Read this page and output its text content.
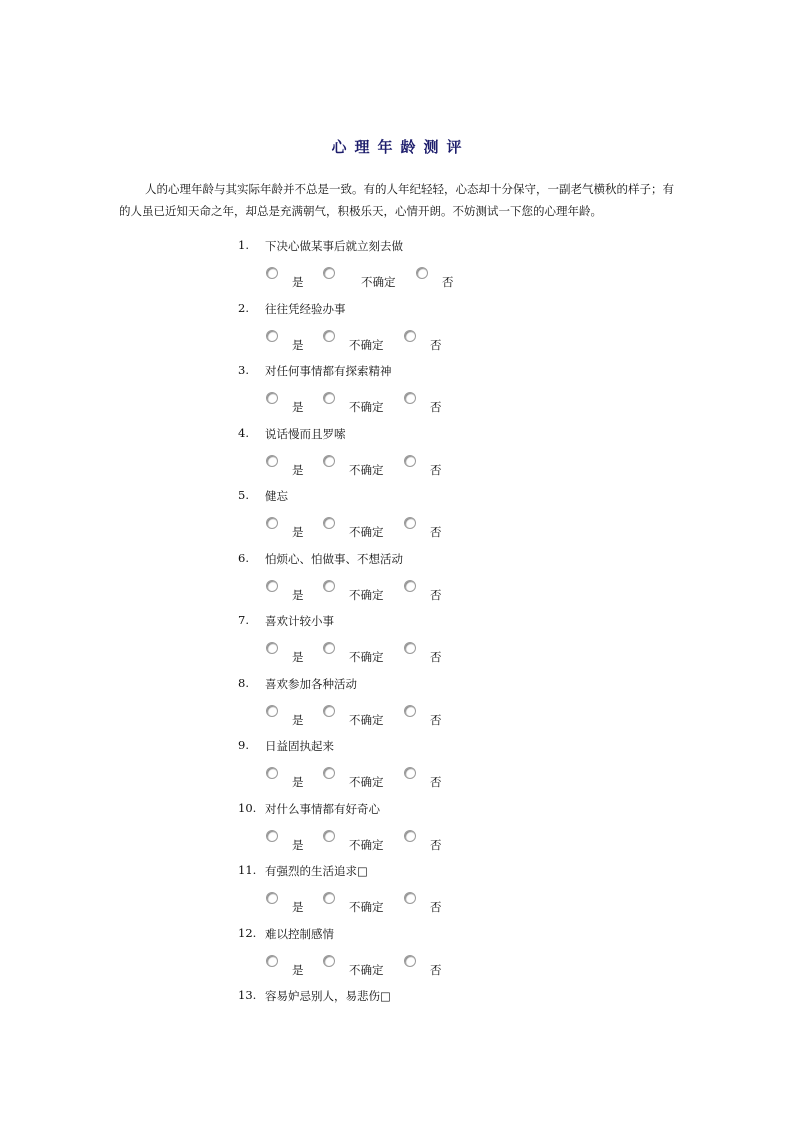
心理年龄测评

人的心理年龄与其实际年龄并不总是一致。有的人年纪轻轻，心态却十分保守，一副老气横秋的样子；有的人虽已近知天命之年，却总是充满朝气，积极乐天，心情开朗。不妨测试一下您的心理年龄。

1.	下决心做某事后就立刻去做
是	不确定	否
2.	往往凭经验办事
是	不确定	否
3.	对任何事情都有探索精神
是	不确定	否
4.	说话慢而且罗嗦
是	不确定	否
5.	健忘
是	不确定	否
6.	怕烦心、怕做事、不想活动
是	不确定	否
7.	喜欢计较小事
是	不确定	否
8.	喜欢参加各种活动
是	不确定	否
9.	日益固执起来
是	不确定	否
10. 对什么事情都有好奇心
是	不确定	否
11. 有强烈的生活追求□
是	不确定	否
12. 难以控制感情
是	不确定	否
13. 容易妒忌别人，易悲伤□
